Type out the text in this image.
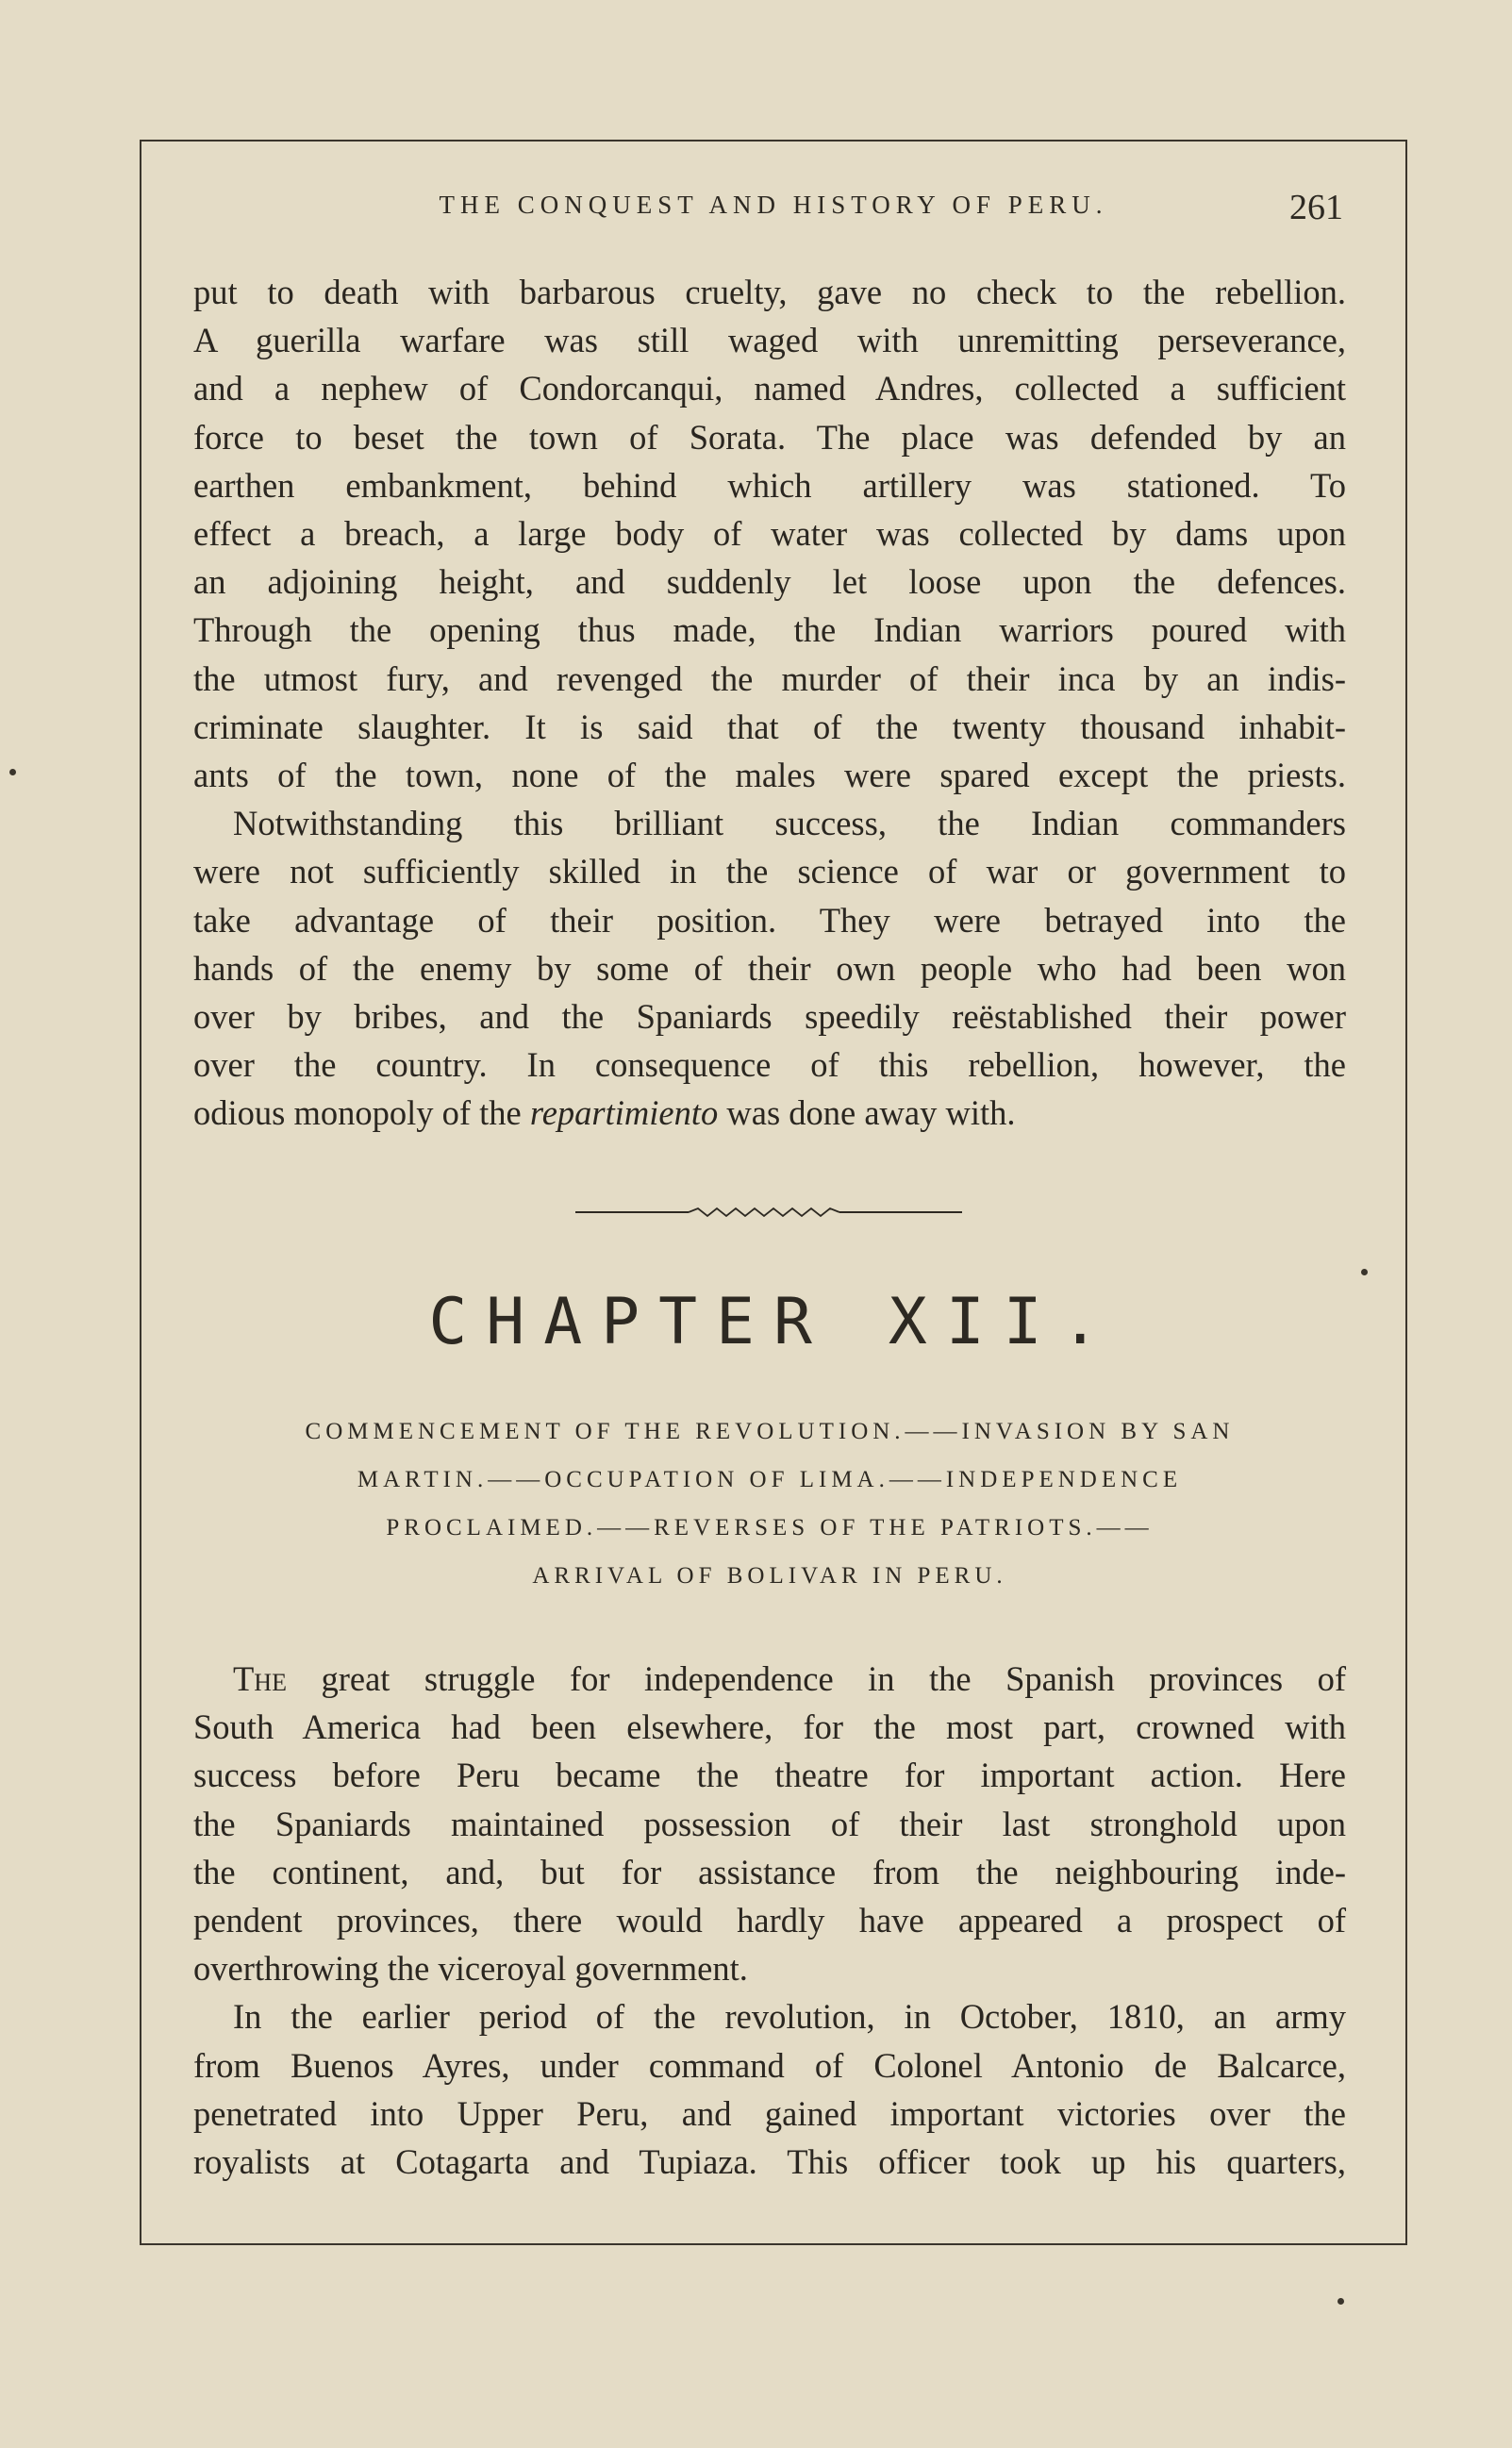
THE CONQUEST AND HISTORY OF PERU.	261

put to death with barbarous cruelty, gave no check to the rebellion.

A guerilla warfare was still waged with unremitting perseverance,

and a nephew of Condorcanqui, named Andres, collected a sufficient

force to beset the town of Sorata. The place was defended by an

earthen embankment, behind which artillery was stationed. To

effect a breach, a large body of water was collected by dams upon

an adjoining height, and suddenly let loose upon the defences.

Through the opening thus made, the Indian warriors poured with

the utmost fury, and revenged the murder of their inca by an indis-

criminate slaughter. It is said that of the twenty thousand inhabit-

ants of the town, none of the males were spared except the priests.

Notwithstanding this brilliant success, the Indian commanders

were not sufficiently skilled in the science of war or government to

take advantage of their position. They were betrayed into the

hands of the enemy by some of their own people who had been won

over by bribes, and the Spaniards speedily reëstablished their power

over the country. In consequence of this rebellion, however, the

odious monopoly of the repartimiento was done away with.

CHAPTER XII.
COMMENCEMENT OF THE REVOLUTION.——INVASION BY SAN
MARTIN.——OCCUPATION OF LIMA.——INDEPENDENCE
PROCLAIMED.——REVERSES OF THE PATRIOTS.——
ARRIVAL OF BOLIVAR IN PERU.

The great struggle for independence in the Spanish provinces of

South America had been elsewhere, for the most part, crowned with

success before Peru became the theatre for important action. Here

the Spaniards maintained possession of their last stronghold upon

the continent, and, but for assistance from the neighbouring inde-

pendent provinces, there would hardly have appeared a prospect of

overthrowing the viceroyal government.

In the earlier period of the revolution, in October, 1810, an army

from Buenos Ayres, under command of Colonel Antonio de Balcarce,

penetrated into Upper Peru, and gained important victories over the

royalists at Cotagarta and Tupiaza. This officer took up his quarters,
